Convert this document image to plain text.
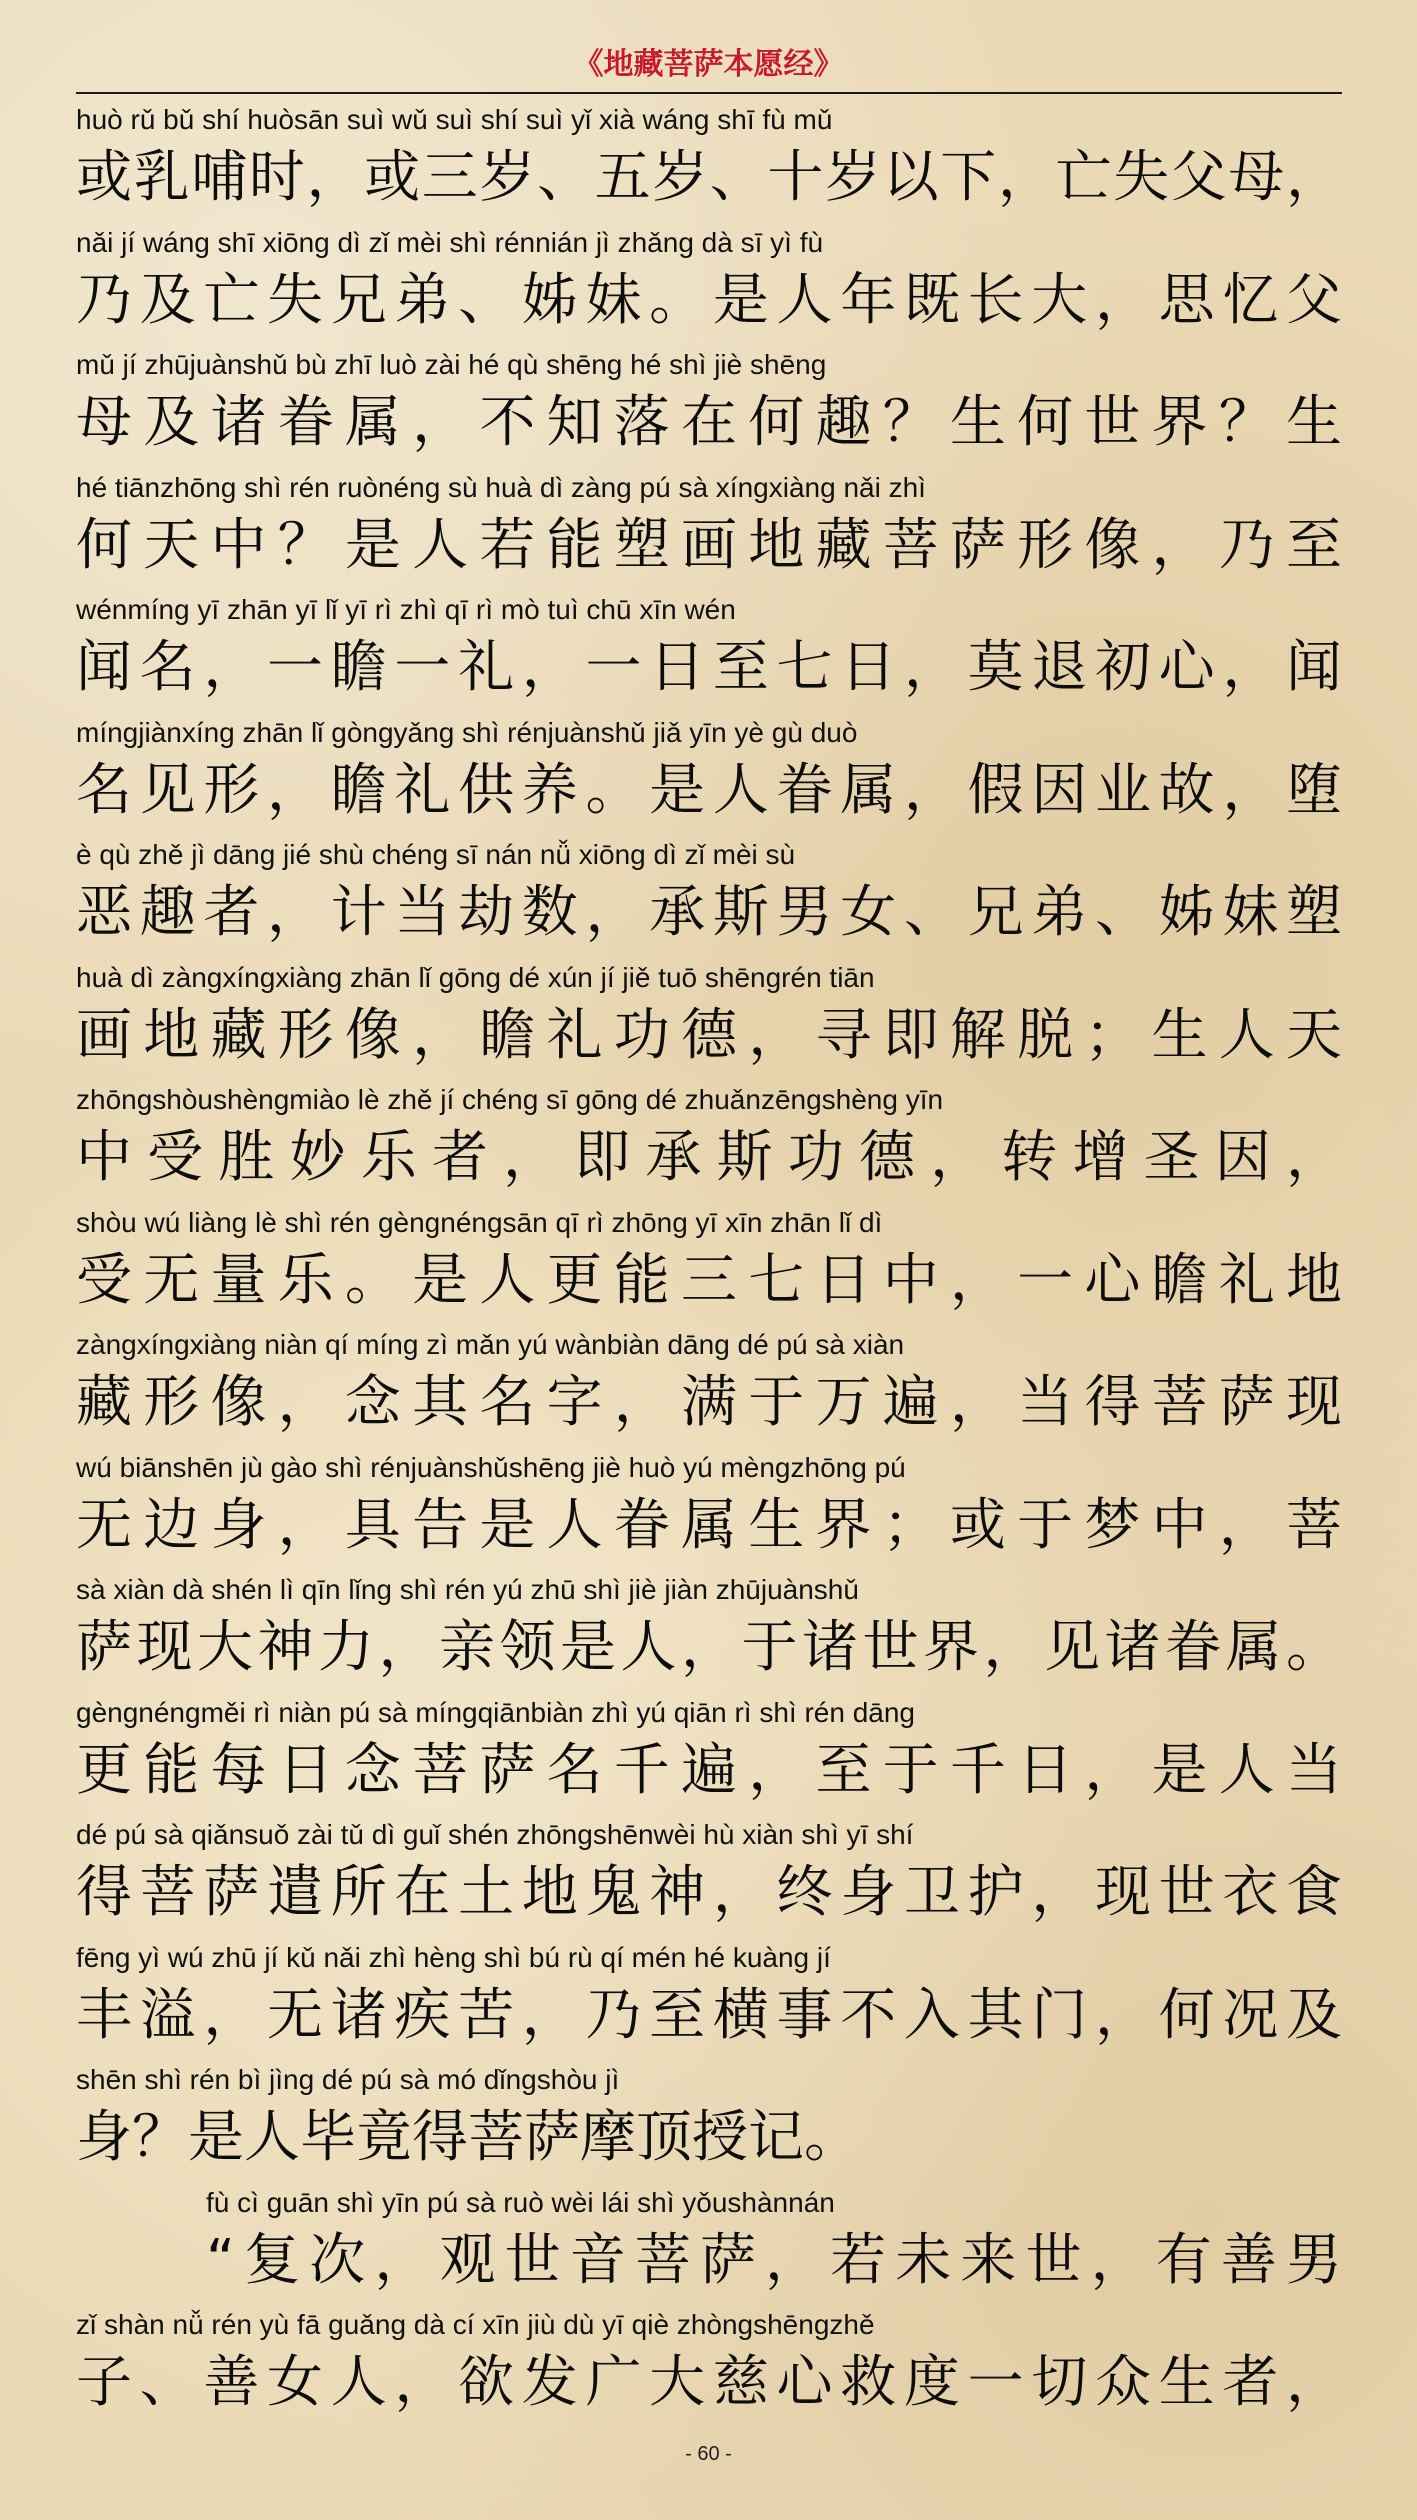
《地藏菩萨本愿经》
huò rǔ bǔ shí huòsān suì wǔ suì shí suì yǐ xià wáng shī fù mǔ
或乳哺时，或三岁、五岁、十岁以下，亡失父母，
nǎi jí wáng shī xiōng dì zǐ mèi shì rénnián jì zhǎng dà sī yì fù
乃及亡失兄弟、姊妹。是人年既长大，思忆父
mǔ jí zhūjuànshǔ bù zhī luò zài hé qù shēng hé shì jiè shēng
母及诸眷属，不知落在何趣？生何世界？生
hé tiānzhōng shì rén ruònéng sù huà dì zàng pú sà xíngxiàng nǎi zhì
何天中？是人若能塑画地藏菩萨形像，乃至
wénmíng yī zhān yī lǐ yī rì zhì qī rì mò tuì chū xīn wén
闻名，一瞻一礼，一日至七日，莫退初心，闻
míngjiànxíng zhān lǐ gòngyǎng shì rénjuànshǔ jiǎ yīn yè gù duò
名见形，瞻礼供养。是人眷属，假因业故，堕
è qù zhě jì dāng jié shù chéng sī nán nǚ xiōng dì zǐ mèi sù
恶趣者，计当劫数，承斯男女、兄弟、姊妹塑
huà dì zàngxíngxiàng zhān lǐ gōng dé xún jí jiě tuō shēngrén tiān
画地藏形像，瞻礼功德，寻即解脱；生人天
zhōngshòushèngmiào lè zhě jí chéng sī gōng dé zhuǎnzēngshèng yīn
中受胜妙乐者，即承斯功德，转增圣因，
shòu wú liàng lè shì rén gèngnéngsān qī rì zhōng yī xīn zhān lǐ dì
受无量乐。是人更能三七日中，一心瞻礼地
zàngxíngxiàng niàn qí míng zì mǎn yú wànbiàn dāng dé pú sà xiàn
藏形像，念其名字，满于万遍，当得菩萨现
wú biānshēn jù gào shì rénjuànshǔshēng jiè huò yú mèngzhōng pú
无边身，具告是人眷属生界；或于梦中，菩
sà xiàn dà shén lì qīn lǐng shì rén yú zhū shì jiè jiàn zhūjuànshǔ
萨现大神力，亲领是人，于诸世界，见诸眷属。
gèngnéngměi rì niàn pú sà míngqiānbiàn zhì yú qiān rì shì rén dāng
更能每日念菩萨名千遍，至于千日，是人当
dé pú sà qiǎnsuǒ zài tǔ dì guǐ shén zhōngshēnwèi hù xiàn shì yī shí
得菩萨遣所在土地鬼神，终身卫护，现世衣食
fēng yì wú zhū jí kǔ nǎi zhì hèng shì bú rù qí mén hé kuàng jí
丰溢，无诸疾苦，乃至横事不入其门，何况及
shēn shì rén bì jìng dé pú sà mó dǐngshòu jì
身？是人毕竟得菩萨摩顶授记。
fù cì guān shì yīn pú sà ruò wèi lái shì yǒushànnán
“复次，观世音菩萨，若未来世，有善男
zǐ shàn nǚ rén yù fā guǎng dà cí xīn jiù dù yī qiè zhòngshēngzhě
子、善女人，欲发广大慈心救度一切众生者，
- 60 -
